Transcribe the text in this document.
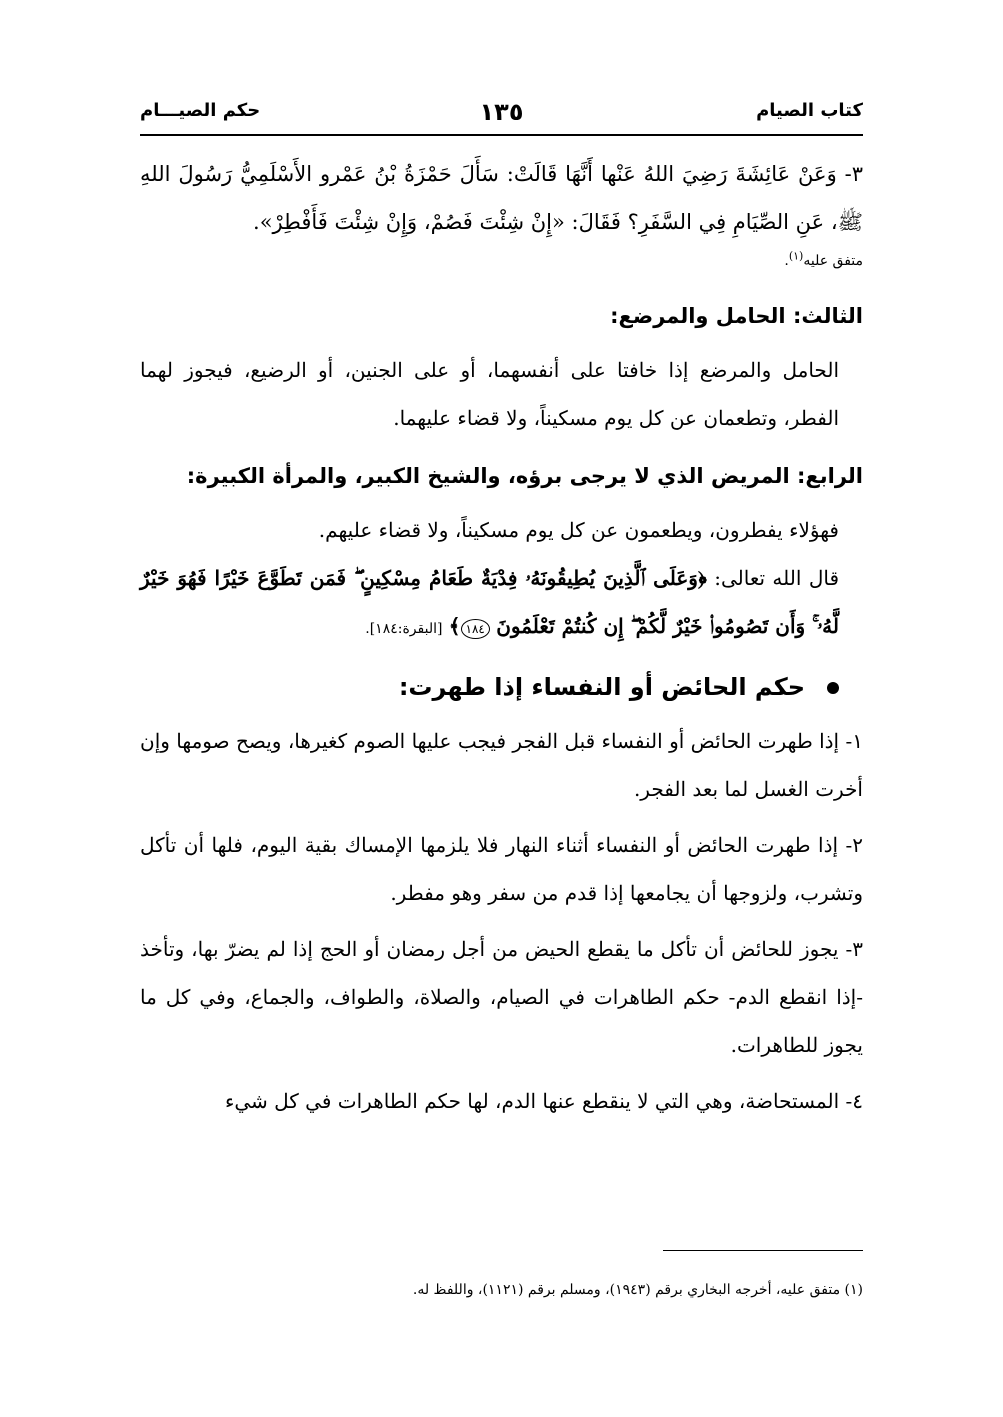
كتاب الصيام
١٣٥
حكم الصيـــام

٣- وَعَنْ عَائِشَةَ رَضِيَ اللهُ عَنْها أَنَّهَا قَالَتْ: سَأَلَ حَمْزَةُ بْنُ عَمْرو الأَسْلَمِيُّ رَسُولَ اللهِ ﷺ، عَنِ الصِّيَامِ فِي السَّفَرِ؟ فَقَالَ: «إِنْ شِئْتَ فَصُمْ، وَإِنْ شِئْتَ فَأَفْطِرْ».

متفق عليه$^{(١)}$.

الثالث: الحامل والمرضع:

الحامل والمرضع إذا خافتا على أنفسهما، أو على الجنين، أو الرضيع، فيجوز لهما الفطر، وتطعمان عن كل يوم مسكيناً، ولا قضاء عليهما.

الرابع: المريض الذي لا يرجى برؤه، والشيخ الكبير، والمرأة الكبيرة:

فهؤلاء يفطرون، ويطعمون عن كل يوم مسكيناً، ولا قضاء عليهم.

قال الله تعالى: ﴿وَعَلَى ٱلَّذِينَ يُطِيقُونَهُۥ فِدْيَةٌ طَعَامُ مِسْكِينٍ ۖ فَمَن تَطَوَّعَ خَيْرًا فَهُوَ خَيْرٌ لَّهُۥ ۚ وَأَن تَصُومُوا۟ خَيْرٌ لَّكُمْ ۖ إِن كُنتُمْ تَعْلَمُونَ ١٨٤﴾ [البقرة:١٨٤].

حكم الحائض أو النفساء إذا طهرت:

١- إذا طهرت الحائض أو النفساء قبل الفجر فيجب عليها الصوم كغيرها، ويصح صومها وإن أخرت الغسل لما بعد الفجر.

٢- إذا طهرت الحائض أو النفساء أثناء النهار فلا يلزمها الإمساك بقية اليوم، فلها أن تأكل وتشرب، ولزوجها أن يجامعها إذا قدم من سفر وهو مفطر.

٣- يجوز للحائض أن تأكل ما يقطع الحيض من أجل رمضان أو الحج إذا لم يضرّ بها، وتأخذ -إذا انقطع الدم- حكم الطاهرات في الصيام، والصلاة، والطواف، والجماع، وفي كل ما يجوز للطاهرات.

٤- المستحاضة، وهي التي لا ينقطع عنها الدم، لها حكم الطاهرات في كل شيء

(١) متفق عليه، أخرجه البخاري برقم (١٩٤٣)، ومسلم برقم (١١٢١)، واللفظ له.
